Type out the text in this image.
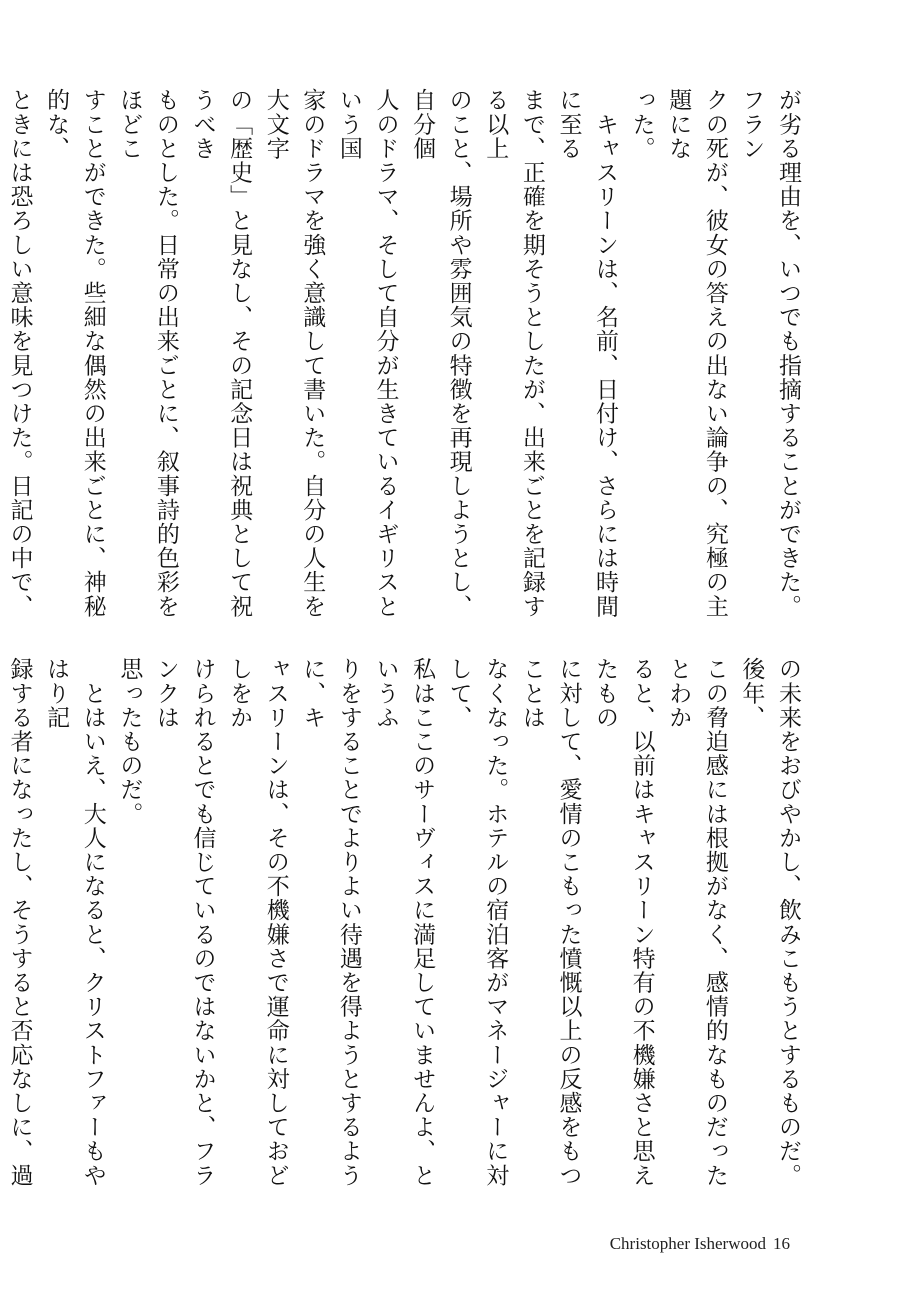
が劣る理由を、いつでも指摘することができた。フラン
クの死が、彼女の答えの出ない論争の、究極の主題にな
った。
　キャスリーンは、名前、日付け、さらには時間に至る
まで、正確を期そうとしたが、出来ごとを記録する以上
のこと、場所や雰囲気の特徴を再現しようとし、自分個
人のドラマ、そして自分が生きているイギリスという国
家のドラマを強く意識して書いた。自分の人生を大文字
の「歴史」と見なし、その記念日は祝典として祝うべき
ものとした。日常の出来ごとに、叙事詩的色彩をほどこ
すことができた。些細な偶然の出来ごとに、神秘的な、
ときには恐ろしい意味を見つけた。日記の中で、
の未来をおびやかし、飲みこもうとするものだ。後年、
この脅迫感には根拠がなく、感情的なものだったとわか
ると、以前はキャスリーン特有の不機嫌さと思えたもの
に対して、愛情のこもった憤慨以上の反感をもつことは
なくなった。ホテルの宿泊客がマネージャーに対して、
私はここのサーヴィスに満足していませんよ、というふ
りをすることでよりよい待遇を得ようとするように、キ
ャスリーンは、その不機嫌さで運命に対しておどしをか
けられるとでも信じているのではないかと、フランクは
思ったものだ。
　とはいえ、大人になると、クリストファーもやはり記
録する者になったし、そうすると否応なしに、過
Christopher Isherwood 16
